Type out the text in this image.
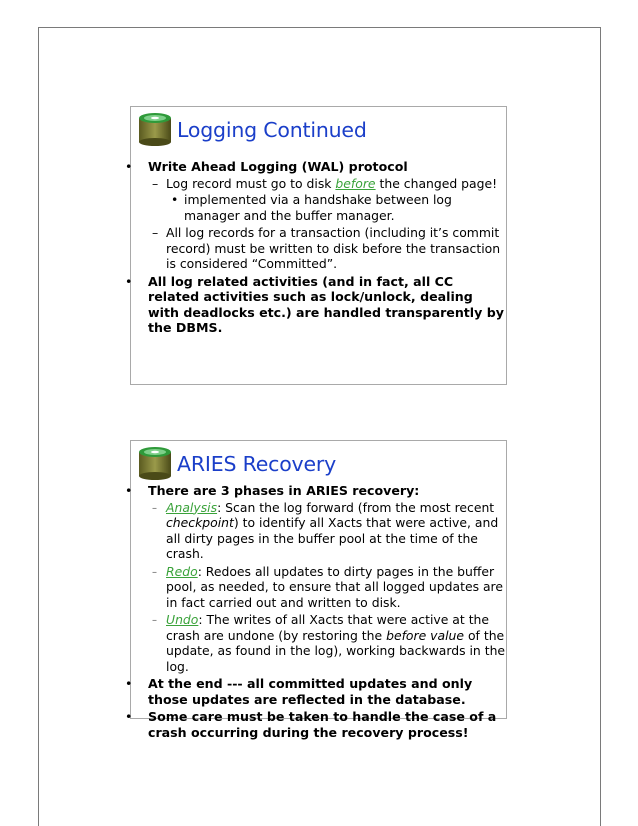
Logging Continued
• Write Ahead Logging (WAL) protocol
– Log record must go to disk before the changed page!
• implemented via a handshake between log manager and the buffer manager.
– All log records for a transaction (including it’s commit record) must be written to disk before the transaction is considered “Committed”.
• All log related activities (and in fact, all CC related activities such as lock/unlock, dealing with deadlocks etc.) are handled transparently by the DBMS.
ARIES Recovery
• There are 3 phases in ARIES recovery:
– Analysis: Scan the log forward (from the most recent checkpoint) to identify all Xacts that were active, and all dirty pages in the buffer pool at the time of the crash.
– Redo: Redoes all updates to dirty pages in the buffer pool, as needed, to ensure that all logged updates are in fact carried out and written to disk.
– Undo: The writes of all Xacts that were active at the crash are undone (by restoring the before value of the update, as found in the log), working backwards in the log.
• At the end --- all committed updates and only those updates are reflected in the database.
• Some care must be taken to handle the case of a crash occurring during the recovery process!
